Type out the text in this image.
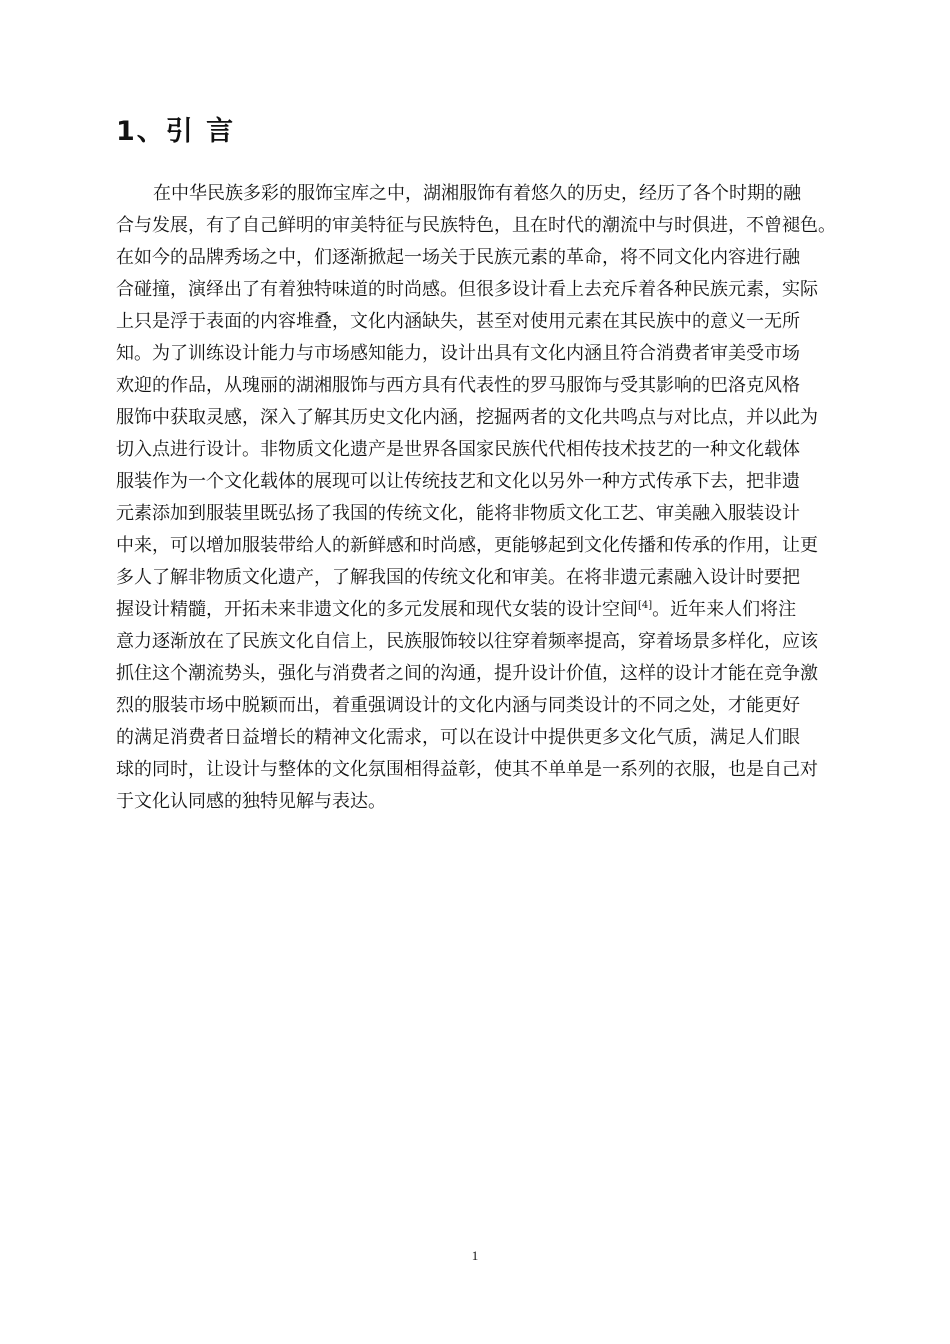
1、引 言
在中华民族多彩的服饰宝库之中，湖湘服饰有着悠久的历史，经历了各个时期的融
合与发展，有了自己鲜明的审美特征与民族特色，且在时代的潮流中与时俱进，不曾褪色。
在如今的品牌秀场之中，们逐渐掀起一场关于民族元素的革命，将不同文化内容进行融
合碰撞，演绎出了有着独特味道的时尚感。但很多设计看上去充斥着各种民族元素，实际
上只是浮于表面的内容堆叠，文化内涵缺失，甚至对使用元素在其民族中的意义一无所
知。为了训练设计能力与市场感知能力，设计出具有文化内涵且符合消费者审美受市场
欢迎的作品，从瑰丽的湖湘服饰与西方具有代表性的罗马服饰与受其影响的巴洛克风格
服饰中获取灵感，深入了解其历史文化内涵，挖掘两者的文化共鸣点与对比点，并以此为
切入点进行设计。非物质文化遗产是世界各国家民族代代相传技术技艺的一种文化载体
服装作为一个文化载体的展现可以让传统技艺和文化以另外一种方式传承下去，把非遗
元素添加到服装里既弘扬了我国的传统文化，能将非物质文化工艺、审美融入服装设计
中来，可以增加服装带给人的新鲜感和时尚感，更能够起到文化传播和传承的作用，让更
多人了解非物质文化遗产，了解我国的传统文化和审美。在将非遗元素融入设计时要把
握设计精髓，开拓未来非遗文化的多元发展和现代女装的设计空间[4]。近年来人们将注
意力逐渐放在了民族文化自信上，民族服饰较以往穿着频率提高，穿着场景多样化，应该
抓住这个潮流势头，强化与消费者之间的沟通，提升设计价值，这样的设计才能在竞争激
烈的服装市场中脱颖而出，着重强调设计的文化内涵与同类设计的不同之处，才能更好
的满足消费者日益增长的精神文化需求，可以在设计中提供更多文化气质，满足人们眼
球的同时，让设计与整体的文化氛围相得益彰，使其不单单是一系列的衣服，也是自己对
于文化认同感的独特见解与表达。
1
